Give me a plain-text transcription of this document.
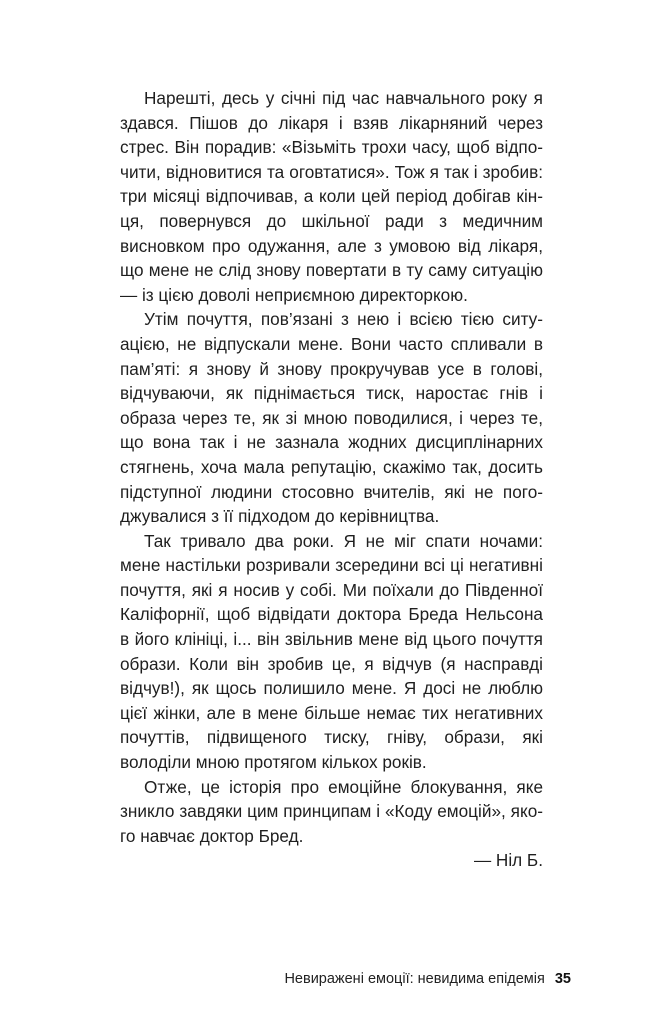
Нарешті, десь у січні під час навчального року я здався. Пішов до лікаря і взяв лікарняний через стрес. Він порадив: «Візьміть трохи часу, щоб відпочити, відновитися та оговтатися». Тож я так і зробив: три місяці відпочивав, а коли цей період добігав кінця, повернувся до шкільної ради з медичним висновком про одужання, але з умовою від лікаря, що мене не слід знову повертати в ту саму ситуацію — із цією доволі неприємною директоркою.

Утім почуття, пов’язані з нею і всією тією ситуацією, не відпускали мене. Вони часто спливали в пам’яті: я знову й знову прокручував усе в голові, відчуваючи, як піднімається тиск, наростає гнів і образа через те, як зі мною поводилися, і через те, що вона так і не зазнала жодних дисциплінарних стягнень, хоча мала репутацію, скажімо так, досить підступної людини стосовно вчителів, які не погоджувалися з її підходом до керівництва.

Так тривало два роки. Я не міг спати ночами: мене настільки розривали зсередини всі ці негативні почуття, які я носив у собі. Ми поїхали до Південної Каліфорнії, щоб відвідати доктора Бреда Нельсона в його клініці, і... він звільнив мене від цього почуття образи. Коли він зробив це, я відчув (я насправді відчув!), як щось полишило мене. Я досі не люблю цієї жінки, але в мене більше немає тих негативних почуттів, підвищеного тиску, гніву, образи, які володіли мною протягом кількох років.

Отже, це історія про емоційне блокування, яке зникло завдяки цим принципам і «Коду емоцій», якого навчає доктор Бред.

— Ніл Б.

Невиражені емоції: невидима епідемія 35
